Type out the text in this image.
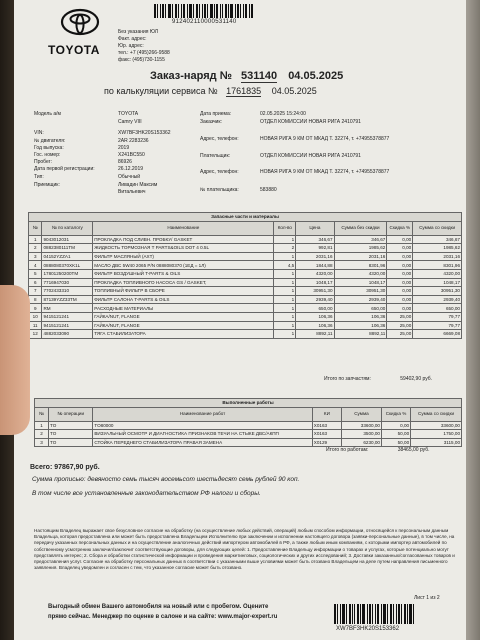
912402110000531140
TOYOTA
Без указания ЮЛ
Факт. адрес:
Юр. адрес:
тел.: +7 (495)266-9588
факс: (495)730-1155
Заказ-наряд № 531140 04.05.2025
по калькуляции сервиса № 1761835 04.05.2025
Модель а/м	TOYOTA
Camry VIII
VIN:	XW7BF3HK20S153362
№ двигателя:	2AR 2283236
Год выпуска:	2019
Гос. номер:	X241ВС550
Пробег:	86926
Дата первой регистрации:	26.12.2019
Тип:	Обычный
Приемщик:	Ливадин Максим
Витальевич
Дата приема:	02.05.2025 15:24:00
Заказчик:	ОТДЕЛ КОМИССИИ НОВАЯ РИГА 2410791
Адрес, телефон:	НОВАЯ РИГА 9 КМ ОТ МКАД Т. 32274, т. +74955378877
Плательщик:	ОТДЕЛ КОМИССИИ НОВАЯ РИГА 2410791
Адрес, телефон:	НОВАЯ РИГА 9 КМ ОТ МКАД Т. 32274, т. +74955378877
№ плательщика:	583880
Запасные части и материалы							
№	№ по каталогу	Наименование	Кол-во	Цена	Сумма без скидки	Скидка %	Сумма со скидки
1	9043012031	ПРОКЛАДКА ПОД СЛИВН. ПРОБКУ/ GASKET	1	346,67	346,67	0,00	346,67
2	0882380111TM	ЖИДКОСТЬ ТОРМОЗНАЯ T PARTS&OILS DOT 4 0.5L	2	992,81	1985,62	0,00	1985,62
3	04152YZZA1	ФИЛЬТР МАСЛЯНЫЙ (АХТ)	1	2031,16	2031,16	0,00	2031,16
4	0888080370XK1L	МАСЛО ДВС 5W40 2065 P/N 0888080370 (1ЕД = 1Л)	4,5	1844,88	8301,96	0,00	8301,96
5	17801250200TM	ФИЛЬТР ВОЗДУШНЫЙ T-PARTS & OILS	1	4320,00	4320,00	0,00	4320,00
6	7716947030	ПРОКЛАДКА ТОПЛИВНОГО НАСОСА GS / GASKET,	1	1048,17	1048,17	0,00	1048,17
7	7702433310	ТОПЛИВНЫЙ ФИЛЬТР В СБОРЕ	1	30951,30	30951,30	0,00	30951,30
8	87139YZZ33TM	ФИЛЬТР САЛОНА T-PARTS & OILS	1	2939,40	2939,40	0,00	2939,40
9	RM	РАСХОДНЫЕ МАТЕРИАЛЫ	1	650,00	650,00	0,00	650,00
10	9415121241	ГАЙКА/NUT, FLANGE	1	106,36	106,36	25,00	79,77
11	9415121241	ГАЙКА/NUT, FLANGE	1	106,36	106,36	25,00	79,77
12	4882033090	ТЯГА СТАБИЛИЗАТОРА	1	8892,11	8892,11	25,00	6669,08
Итого по запчастям:	59402,90 руб.
Выполненные работы						
№	№ операции	Наименование работ	КИ	Сумма	Скидка %	Сумма со скидки
1	TO	TO80000	X0163	33600,00	0,00	33600,00
2	TO	ВИЗУАЛЬНЫЙ ОСМОТР И ДИАГНОСТИКА ПРИЗНАКОВ ТЕЧИ НА СТЫКЕ ДВС/АКПП	X0163	3500,00	50,00	1750,00
3	TO	СТОЙКА ПЕРЕДНЕГО СТАБИЛИЗАТОРА ПРАВАЯ ЗАМЕНА	X0129	6230,00	50,00	3115,00
Итого по работам:	38465,00 руб.
Всего: 97867,90 руб.
Сумма прописью: девяносто семь тысяч восемьсот шестьдесят семь рублей 90 коп.
В том числе все установленные законодательством РФ налоги и сборы.
Настоящим Владелец выражает свое безусловное согласие на обработку (на осуществление любых действий, операций) любым способом информации, относящейся к персональным данным Владельца, которая предоставлена или может быть предоставлена Владельцем Исполнителю при заключении и исполнении настоящего договора (заявки-персональные данные), в том числе, на передачу указанных персональных данных и на осуществление аналогичных действий импортером автомобилей в РФ, а также любым иным компаниям, с которыми импортер автомобилей по собственному усмотрению заключил/заключит соответствующие договоры, для следующих целей: 1. Предоставление Владельцу информации о товарах и услугах, которые потенциально могут представлять интерес; 2. Сбора и обработки статистической информации и проведения маркетинговых, социологических и других исследований; 3. Доставки заказанных/согласованных товаров и предоставления услуг. Согласие на обработку персональных данных в соответствии с указанными выше условиями может быть отозвано Владельцем на деле путем направления письменного заявления. Владелец уведомлен и согласен с тем, что указанное согласие может быть отозвано.
Лист 1 из 2
Выгодный обмен Вашего автомобиля на новый или с пробегом. Оцените
прямо сейчас. Менеджер по оценке в салоне и на сайте: www.major-expert.ru
XW7BF3HK20S153362
